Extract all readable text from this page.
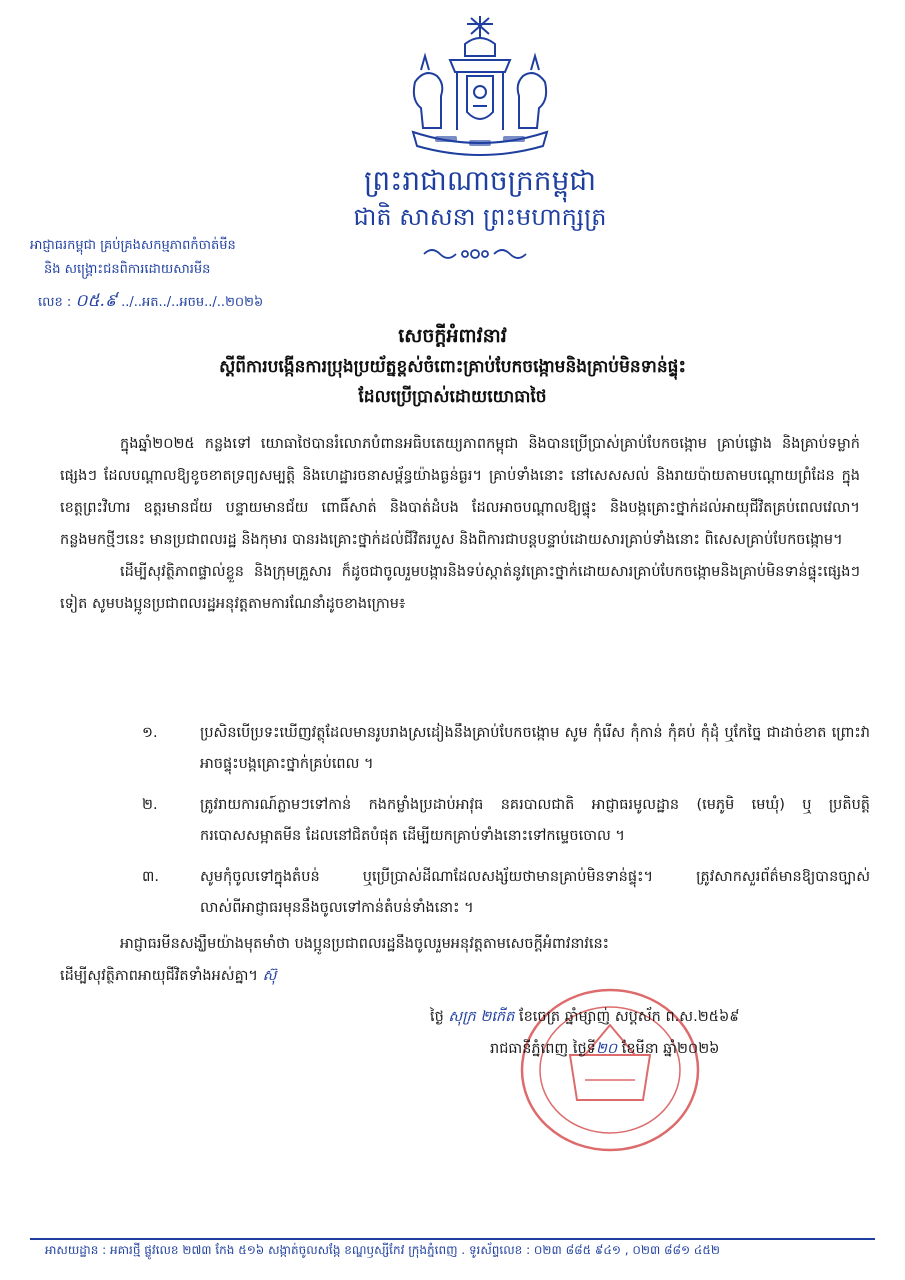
ព្រះរាជាណាចក្រកម្ពុជា
ជាតិ សាសនា ព្រះមហាក្សត្រ
អាជ្ញាធរកម្ពុជា គ្រប់គ្រងសកម្មភាពកំចាត់មីន
និង សង្គ្រោះជនពិការដោយសារមីន
លេខ : ០៥.៩ ../..អត../..អចម../..២០២៦
សេចក្ដីអំពាវនាវ
ស្ដីពីការបង្កើនការប្រុងប្រយ័ត្នខ្ពស់ចំពោះគ្រាប់បែកចង្កោមនិងគ្រាប់មិនទាន់ផ្ទុះ
ដែលប្រើប្រាស់ដោយយោធាថៃ

ក្នុងឆ្នាំ២០២៥ កន្លងទៅ យោធាថៃបានរំលោភបំពានអធិបតេយ្យភាពកម្ពុជា និងបានប្រើប្រាស់គ្រាប់បែកចង្កោម គ្រាប់ផ្លោង និងគ្រាប់ទម្លាក់ផ្សេងៗ ដែលបណ្ដាលឱ្យខូចខាតទ្រព្យសម្បត្តិ និងហេដ្ឋារចនាសម្ព័ន្ធយ៉ាងធ្ងន់ធ្ងរ។ គ្រាប់ទាំងនោះ នៅសេសសល់ និងរាយប៉ាយតាមបណ្ដោយព្រំដែន ក្នុងខេត្តព្រះវិហារ ឧត្ដរមានជ័យ បន្ទាយមានជ័យ ពោធិ៍សាត់ និងបាត់ដំបង ដែលអាចបណ្ដាលឱ្យផ្ទុះ និងបង្កគ្រោះថ្នាក់ដល់អាយុជីវិតគ្រប់ពេលវេលា។ កន្លងមកថ្មីៗនេះ មានប្រជាពលរដ្ឋ និងកុមារ បានរងគ្រោះថ្នាក់ដល់ជីវិតរបួស និងពិការជាបន្តបន្ទាប់ដោយសារគ្រាប់ទាំងនោះ ពិសេសគ្រាប់បែកចង្កោម។

ដើម្បីសុវត្ថិភាពផ្ទាល់ខ្លួន និងក្រុមគ្រួសារ ក៏ដូចជាចូលរួមបង្ការនិងទប់ស្កាត់នូវគ្រោះថ្នាក់ដោយសារគ្រាប់បែកចង្កោមនិងគ្រាប់មិនទាន់ផ្ទុះផ្សេងៗទៀត សូមបងប្អូនប្រជាពលរដ្ឋអនុវត្តតាមការណែនាំដូចខាងក្រោម៖

១.	ប្រសិនបើប្រទះឃើញវត្ថុដែលមានរូបរាងស្រដៀងនឹងគ្រាប់បែកចង្កោម សូម កុំរើស កុំកាន់ កុំគប់ កុំដុំ ឬកែច្នៃ ជាដាច់ខាត ព្រោះវាអាចផ្ទុះបង្កគ្រោះថ្នាក់គ្រប់ពេល ។
២.	ត្រូវរាយការណ៍ភ្លាមៗទៅកាន់ កងកម្លាំងប្រដាប់អាវុធ នគរបាលជាតិ អាជ្ញាធរមូលដ្ឋាន (មេភូមិ មេឃុំ) ឬ ប្រតិបត្តិករបោសសម្អាតមីន ដែលនៅជិតបំផុត ដើម្បីយកគ្រាប់ទាំងនោះទៅកម្ទេចចោល ។
៣.	សូមកុំចូលទៅក្នុងតំបន់ ឬប្រើប្រាស់ដីណាដែលសង្ស័យថាមានគ្រាប់មិនទាន់ផ្ទុះ។ ត្រូវសាកសួរព័ត៌មានឱ្យបានច្បាស់លាស់ពីអាជ្ញាធរមុននឹងចូលទៅកាន់តំបន់ទាំងនោះ ។

អាជ្ញាធរមីនសង្ឃឹមយ៉ាងមុតមាំថា បងប្អូនប្រជាពលរដ្ឋនឹងចូលរួមអនុវត្តតាមសេចក្ដីអំពាវនាវនេះ

ដើម្បីសុវត្ថិភាពអាយុជីវិតទាំងអស់គ្នា។ ស៊ុ
ថ្ងៃ សុក្រ ២កើត ខែចេត្រ ឆ្នាំម្សាញ់ សប្តស័ក ព.ស.២៥៦៩
រាជធានីភ្នំពេញ ថ្ងៃទី២០ ខែមីនា ឆ្នាំ២០២៦
អាសយដ្ឋាន : អគារថ្មី ផ្លូវលេខ ២៧៣ កែង ៥១៦ សង្កាត់ចូលសង្កែ ខណ្ឌឫស្សីកែវ ក្រុងភ្នំពេញ . ទូរស័ព្ទលេខ : ០២៣ ៨៨៥ ៩៤១ , ០២៣ ៨៨១ ៤៥២
